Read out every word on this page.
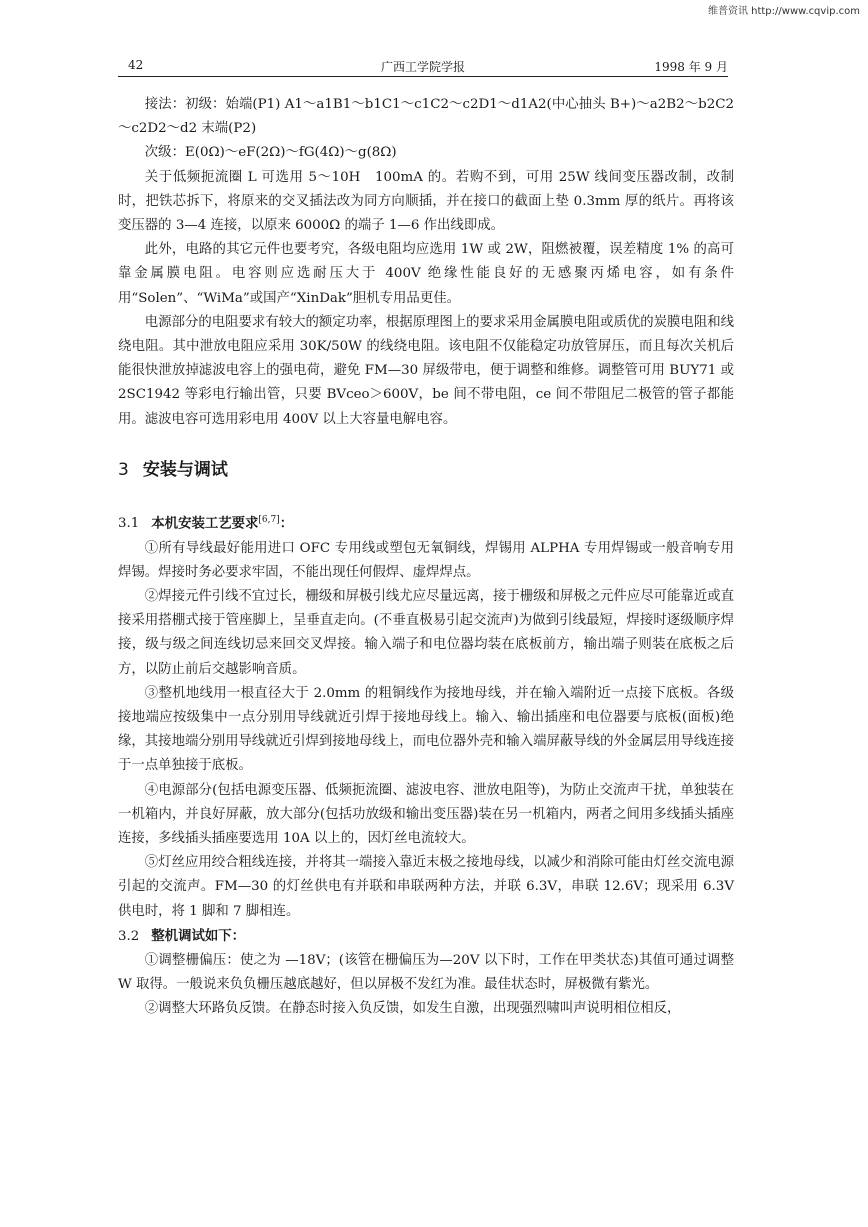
维普资讯 http://www.cqvip.com
42	广西工学院学报	1998 年 9 月

接法：初级：始端(P1) A1～a1B1～b1C1～c1C2～c2D1～d1A2(中心抽头 B+)～a2B2～b2C2～c2D2～d2 末端(P2)

次级：E(0Ω)～eF(2Ω)～fG(4Ω)～g(8Ω)

关于低频扼流圈 L 可选用 5～10H　100mA 的。若购不到，可用 25W 线间变压器改制，改制时，把铁芯拆下，将原来的交叉插法改为同方向顺插，并在接口的截面上垫 0.3mm 厚的纸片。再将该变压器的 3—4 连接，以原来 6000Ω 的端子 1—6 作出线即成。

此外，电路的其它元件也要考究，各级电阻均应选用 1W 或 2W，阻燃被覆，误差精度 1% 的高可靠金属膜电阻。电容则应选耐压大于 400V 绝缘性能良好的无感聚丙烯电容，如有条件用“Solen”、“WiMa”或国产“XinDak”胆机专用品更佳。

电源部分的电阻要求有较大的额定功率，根据原理图上的要求采用金属膜电阻或质优的炭膜电阻和线绕电阻。其中泄放电阻应采用 30K/50W 的线绕电阻。该电阻不仅能稳定功放管屏压，而且每次关机后能很快泄放掉滤波电容上的强电荷，避免 FM—30 屏级带电，便于调整和维修。调整管可用 BUY71 或 2SC1942 等彩电行输出管，只要 BVceo＞600V，be 间不带电阻，ce 间不带阻尼二极管的管子都能用。滤波电容可选用彩电用 400V 以上大容量电解电容。

3 安装与调试

3.1 本机安装工艺要求[6,7]：

①所有导线最好能用进口 OFC 专用线或塑包无氧铜线，焊锡用 ALPHA 专用焊锡或一般音响专用焊锡。焊接时务必要求牢固，不能出现任何假焊、虚焊焊点。

②焊接元件引线不宜过长，栅级和屏极引线尤应尽量远离，接于栅级和屏极之元件应尽可能靠近或直接采用搭棚式接于管座脚上，呈垂直走向。(不垂直极易引起交流声)为做到引线最短，焊接时逐级顺序焊接，级与级之间连线切忌来回交叉焊接。输入端子和电位器均装在底板前方，输出端子则装在底板之后方，以防止前后交越影响音质。

③整机地线用一根直径大于 2.0mm 的粗铜线作为接地母线，并在输入端附近一点接下底板。各级接地端应按级集中一点分别用导线就近引焊于接地母线上。输入、输出插座和电位器要与底板(面板)绝缘，其接地端分别用导线就近引焊到接地母线上，而电位器外壳和输入端屏蔽导线的外金属层用导线连接于一点单独接于底板。

④电源部分(包括电源变压器、低频扼流圈、滤波电容、泄放电阻等)，为防止交流声干扰，单独装在一机箱内，并良好屏蔽，放大部分(包括功放级和输出变压器)装在另一机箱内，两者之间用多线插头插座连接，多线插头插座要选用 10A 以上的，因灯丝电流较大。

⑤灯丝应用绞合粗线连接，并将其一端接入靠近末极之接地母线，以减少和消除可能由灯丝交流电源引起的交流声。FM—30 的灯丝供电有并联和串联两种方法，并联 6.3V，串联 12.6V；现采用 6.3V 供电时，将 1 脚和 7 脚相连。

3.2 整机调试如下：

①调整栅偏压：使之为 —18V；(该管在栅偏压为—20V 以下时，工作在甲类状态)其值可通过调整 W 取得。一般说来负负栅压越底越好，但以屏极不发红为准。最佳状态时，屏极微有紫光。

②调整大环路负反馈。在静态时接入负反馈，如发生自激，出现强烈啸叫声说明相位相反，
